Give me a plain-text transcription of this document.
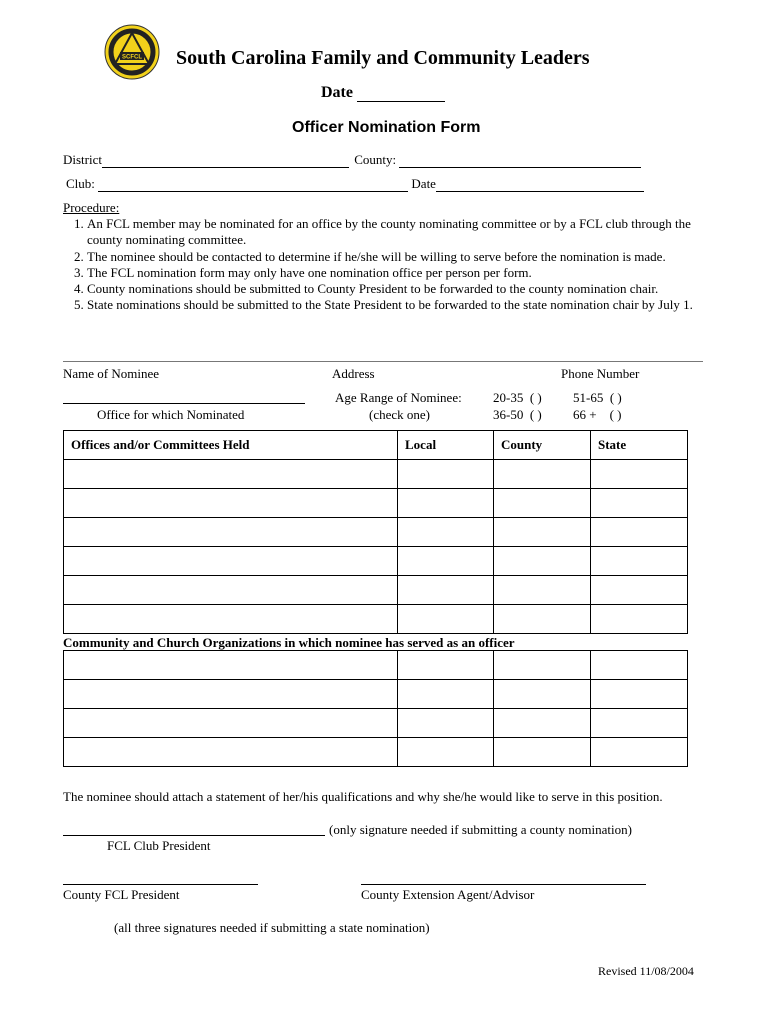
SCFCL South Carolina Family and Community Leaders
Date
Officer Nomination Form
District	County:
Club:	Date
Procedure:
1. An FCL member may be nominated for an office by the county nominating committee or by a FCL club through the county nominating committee.
2. The nominee should be contacted to determine if he/she will be willing to serve before the nomination is made.
3. The FCL nomination form may only have one nomination office per person per form.
4. County nominations should be submitted to County President to be forwarded to the county nomination chair.
5. State nominations should be submitted to the State President to be forwarded to the state nomination chair by July 1.
Name of Nominee	Address	Phone Number
Office for which Nominated
Age Range of Nominee:
(check one)
20-35 ( ) 51-65 ( )
36-50 ( ) 66 + ( )
Offices and/or Committees Held	Local	County	State

Community and Church Organizations in which nominee has served as an officer

The nominee should attach a statement of her/his qualifications and why she/he would like to serve in this position.
(only signature needed if submitting a county nomination)
FCL Club President
County FCL President	County Extension Agent/Advisor
(all three signatures needed if submitting a state nomination)
Revised 11/08/2004
